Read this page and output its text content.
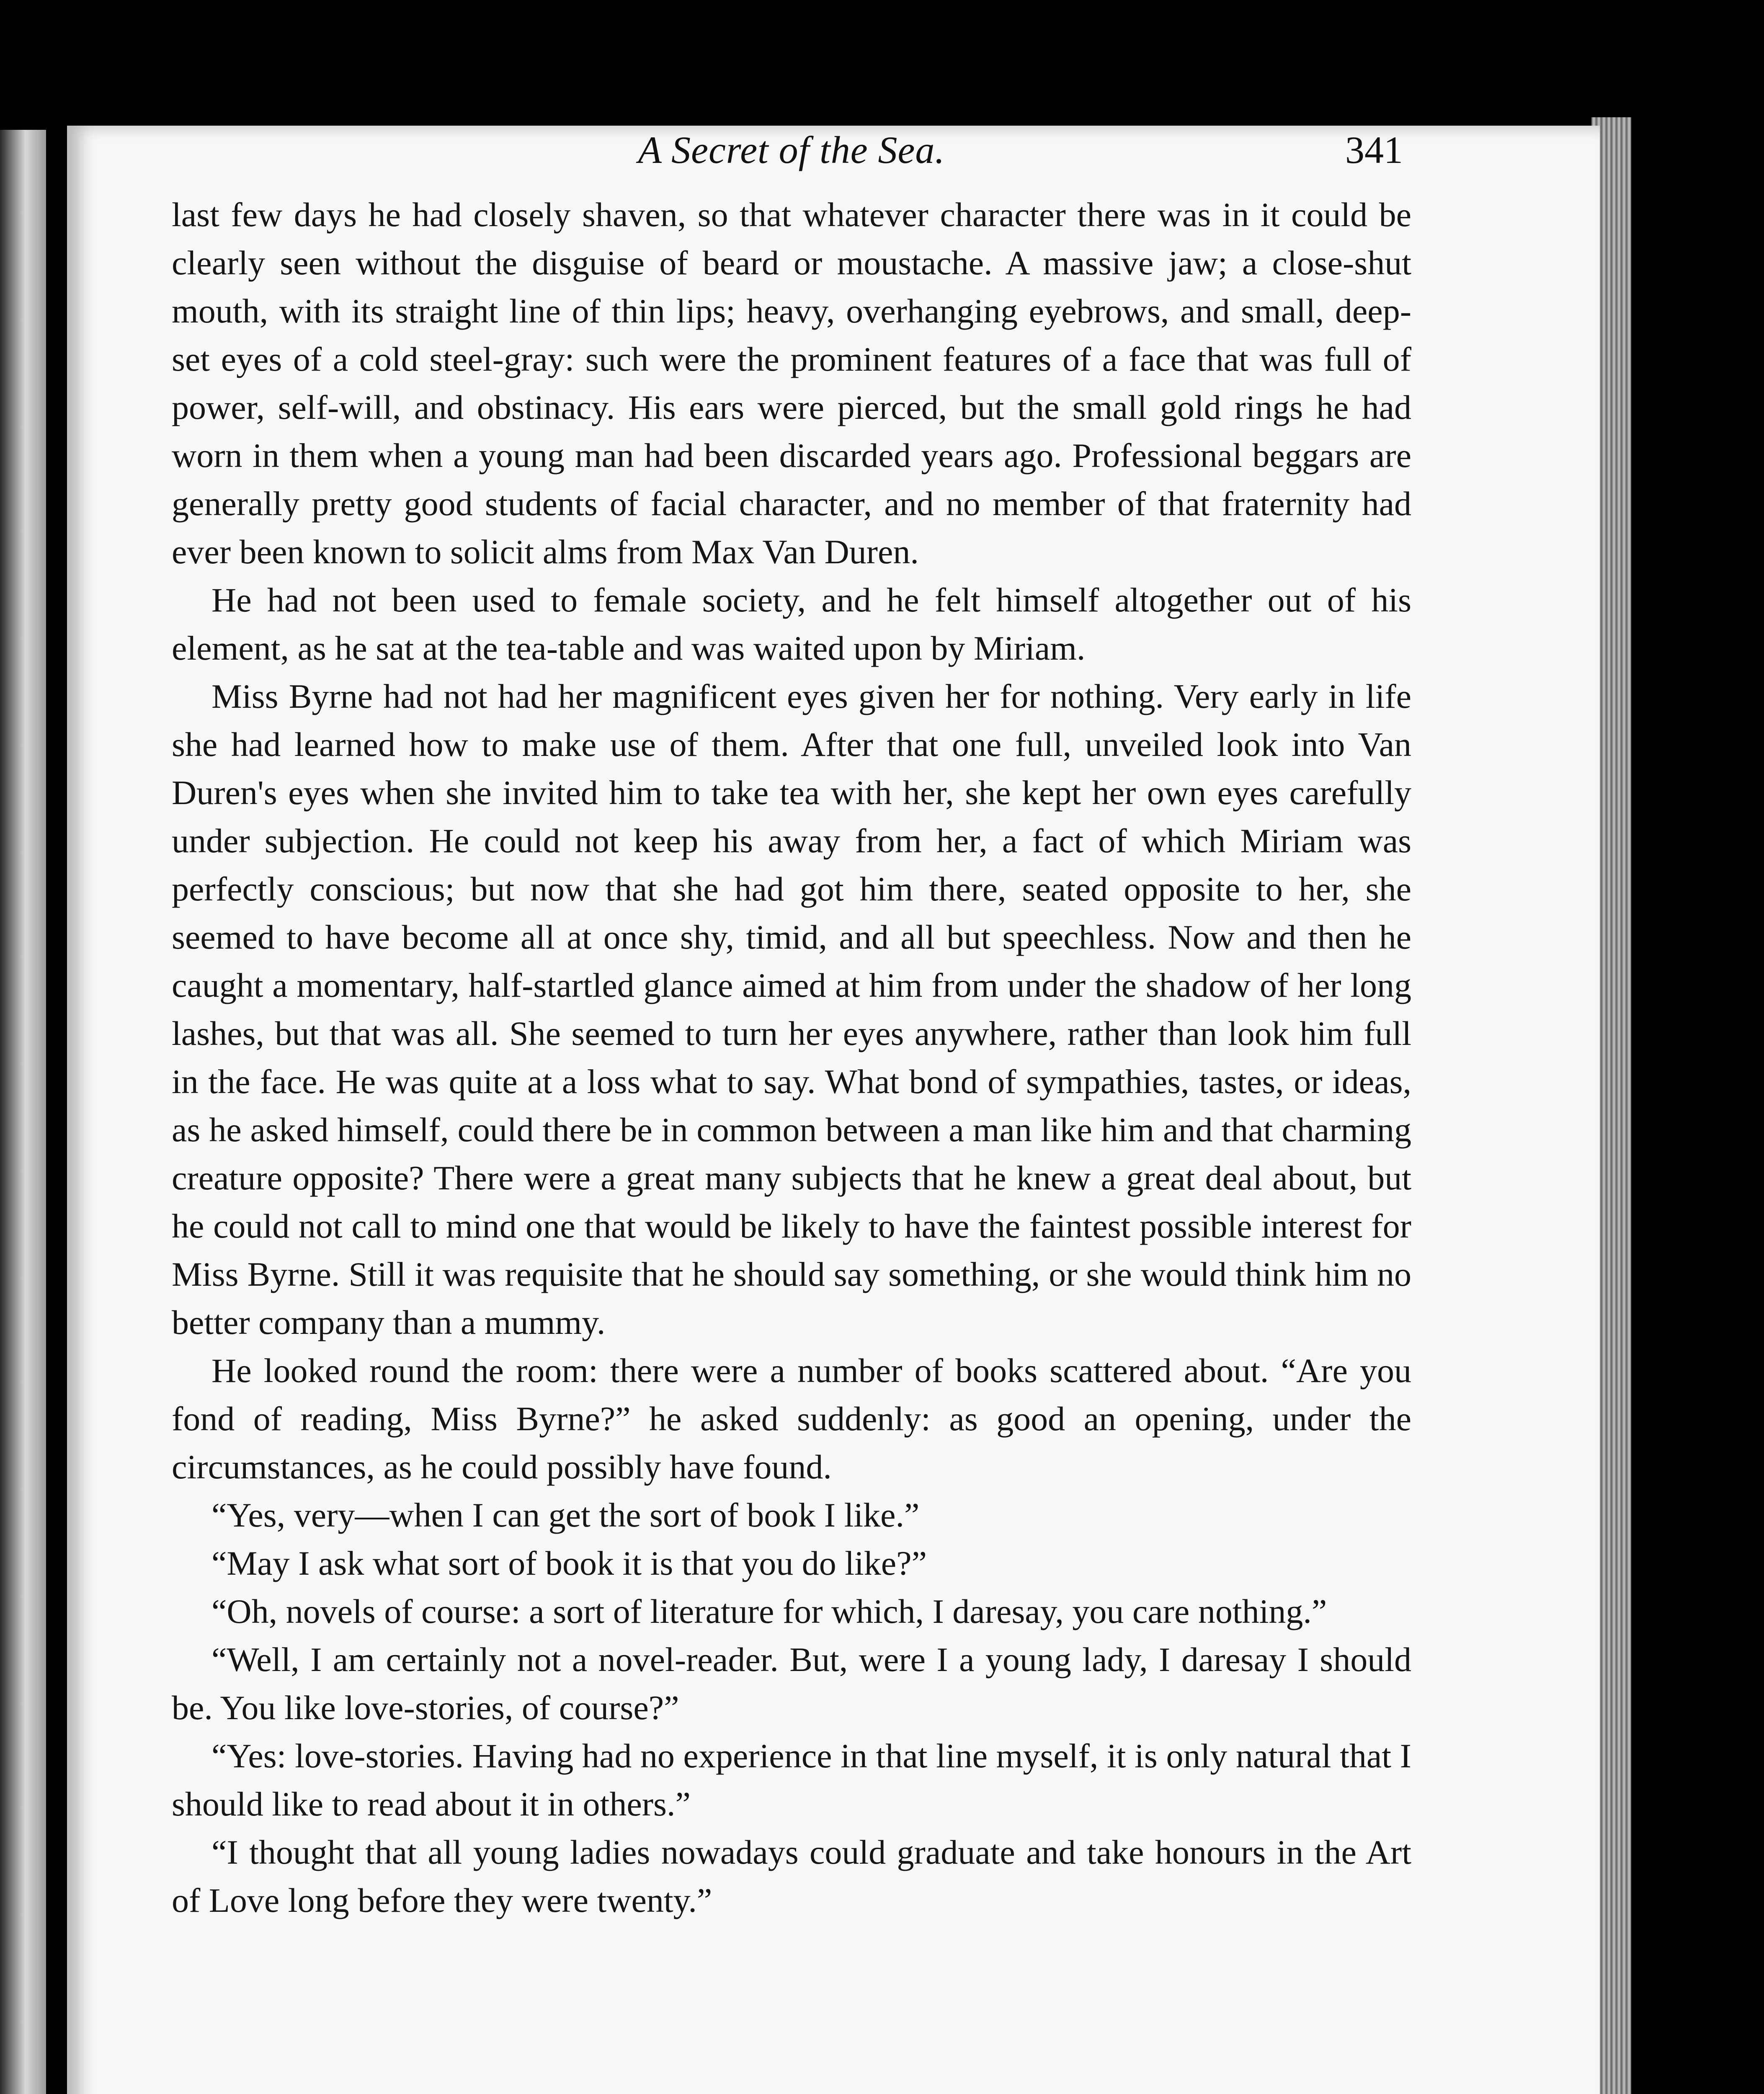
A Secret of the Sea.	341

last few days he had closely shaven, so that whatever character there was in it could be clearly seen without the disguise of beard or moustache. A massive jaw; a close-shut mouth, with its straight line of thin lips; heavy, overhanging eyebrows, and small, deep-set eyes of a cold steel-gray: such were the prominent features of a face that was full of power, self-will, and obstinacy. His ears were pierced, but the small gold rings he had worn in them when a young man had been discarded years ago. Professional beggars are generally pretty good students of facial character, and no member of that fraternity had ever been known to solicit alms from Max Van Duren.

He had not been used to female society, and he felt himself altogether out of his element, as he sat at the tea-table and was waited upon by Miriam.

Miss Byrne had not had her magnificent eyes given her for nothing. Very early in life she had learned how to make use of them. After that one full, unveiled look into Van Duren's eyes when she invited him to take tea with her, she kept her own eyes carefully under subjection. He could not keep his away from her, a fact of which Miriam was perfectly conscious; but now that she had got him there, seated opposite to her, she seemed to have become all at once shy, timid, and all but speechless. Now and then he caught a momentary, half-startled glance aimed at him from under the shadow of her long lashes, but that was all. She seemed to turn her eyes anywhere, rather than look him full in the face. He was quite at a loss what to say. What bond of sympathies, tastes, or ideas, as he asked himself, could there be in common between a man like him and that charming creature opposite? There were a great many subjects that he knew a great deal about, but he could not call to mind one that would be likely to have the faintest possible interest for Miss Byrne. Still it was requisite that he should say something, or she would think him no better company than a mummy.

He looked round the room: there were a number of books scattered about. “Are you fond of reading, Miss Byrne?” he asked suddenly: as good an opening, under the circumstances, as he could possibly have found.

“Yes, very—when I can get the sort of book I like.”

“May I ask what sort of book it is that you do like?”

“Oh, novels of course: a sort of literature for which, I daresay, you care nothing.”

“Well, I am certainly not a novel-reader. But, were I a young lady, I daresay I should be. You like love-stories, of course?”

“Yes: love-stories. Having had no experience in that line myself, it is only natural that I should like to read about it in others.”

“I thought that all young ladies nowadays could graduate and take honours in the Art of Love long before they were twenty.”
